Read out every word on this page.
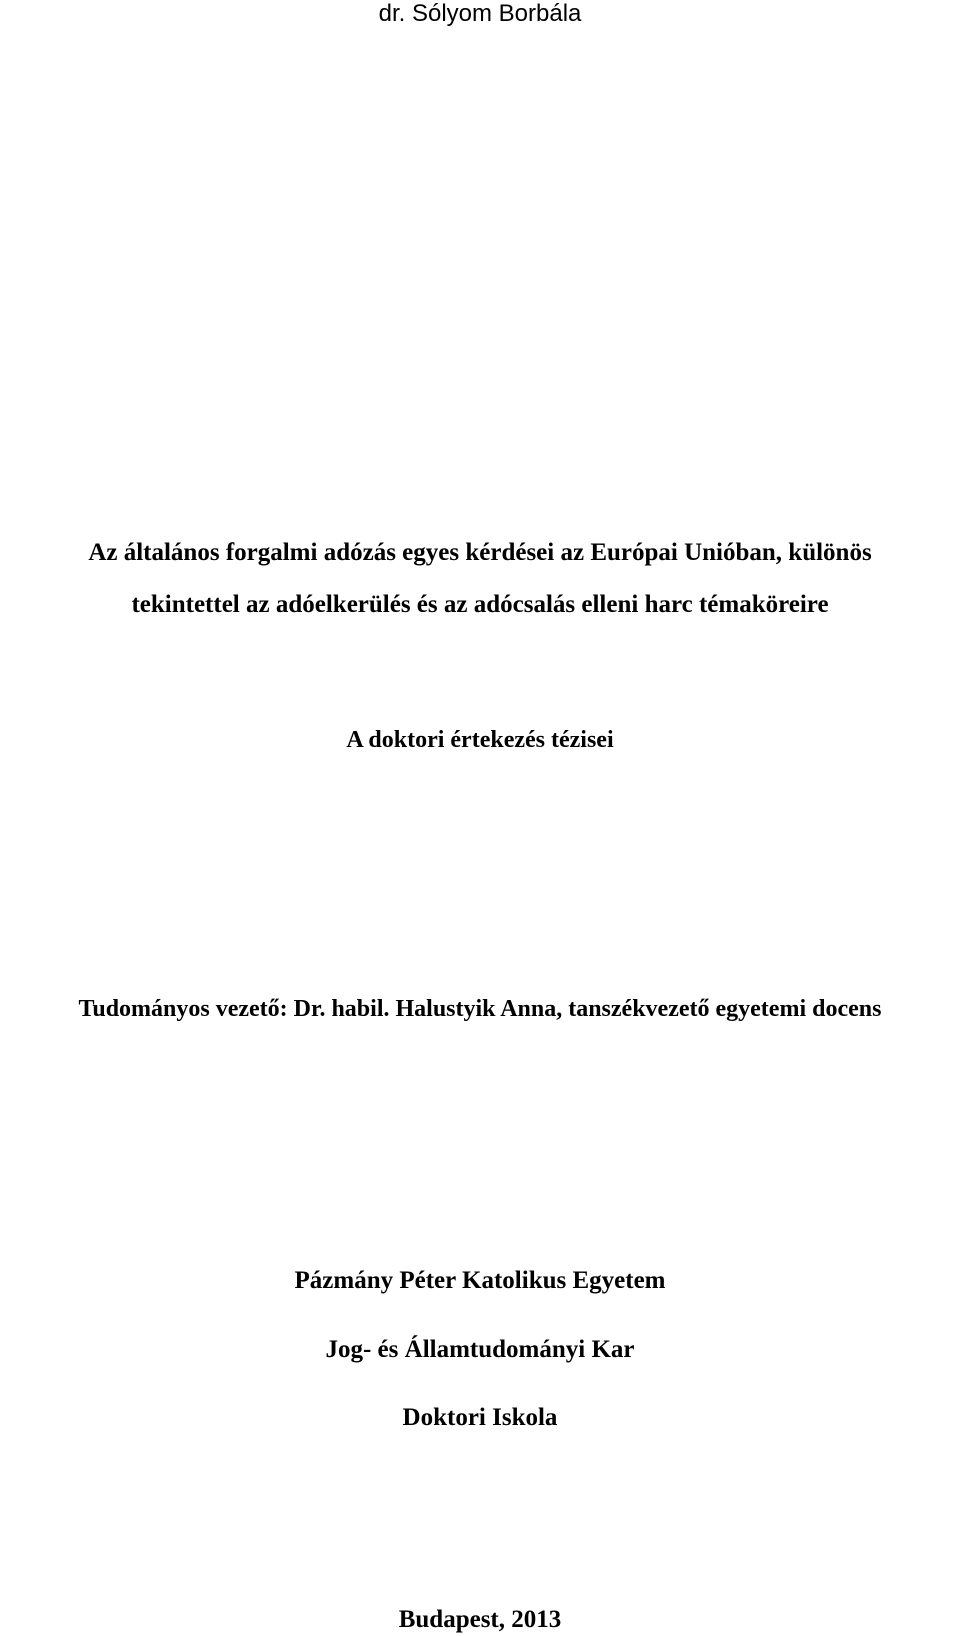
dr. Sólyom Borbála
Az általános forgalmi adózás egyes kérdései az Európai Unióban, különös
tekintettel az adóelkerülés és az adócsalás elleni harc témaköreire
A doktori értekezés tézisei
Tudományos vezető: Dr. habil. Halustyik Anna, tanszékvezető egyetemi docens
Pázmány Péter Katolikus Egyetem
Jog- és Államtudományi Kar
Doktori Iskola
Budapest, 2013
